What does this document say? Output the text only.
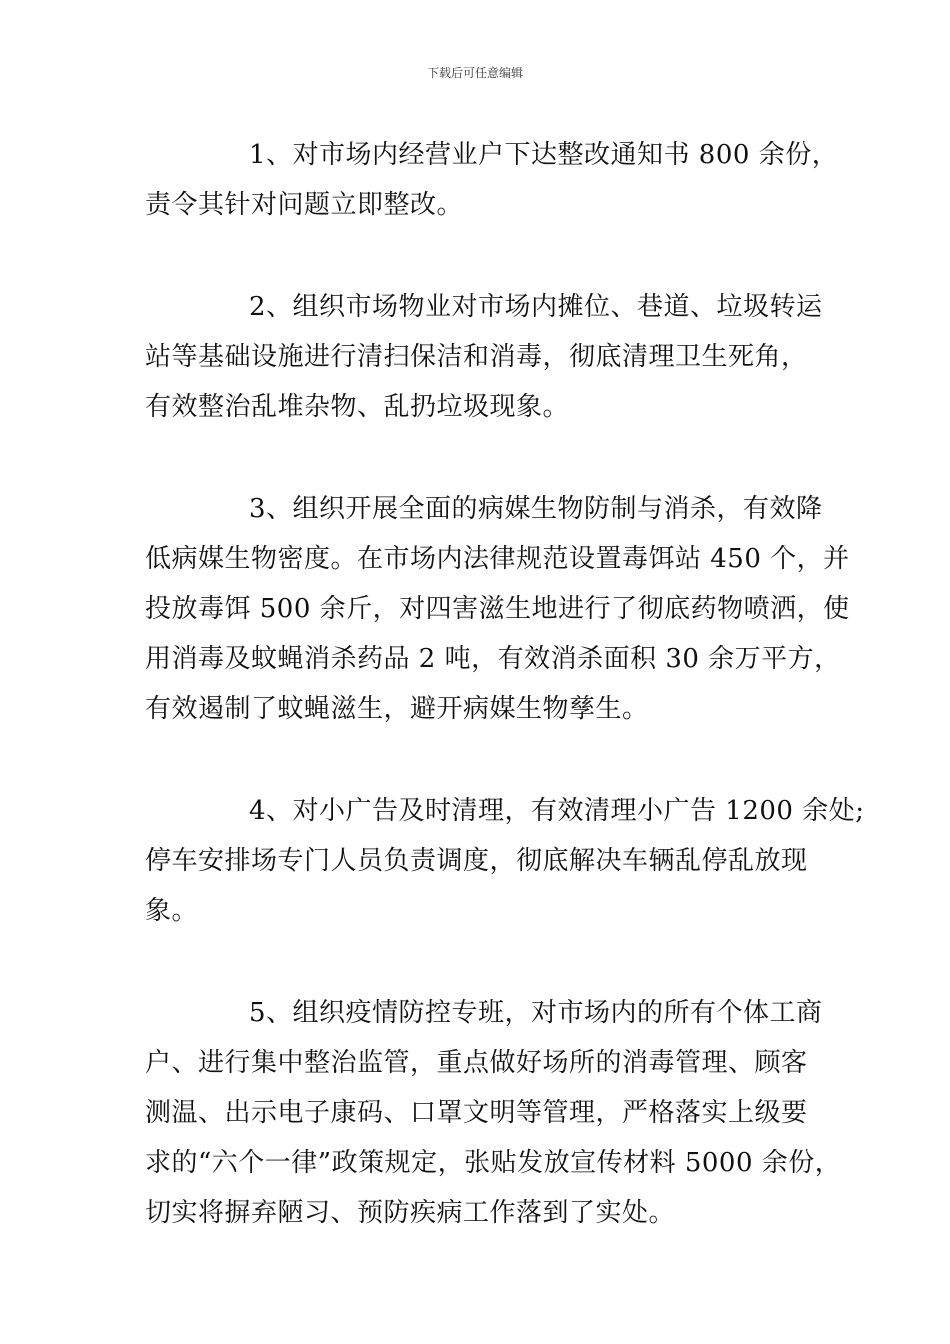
下载后可任意编辑
1、对市场内经营业户下达整改通知书 800 余份，
责令其针对问题立即整改。
2、组织市场物业对市场内摊位、巷道、垃圾转运
站等基础设施进行清扫保洁和消毒，彻底清理卫生死角，
有效整治乱堆杂物、乱扔垃圾现象。
3、组织开展全面的病媒生物防制与消杀，有效降
低病媒生物密度。在市场内法律规范设置毒饵站 450 个，并
投放毒饵 500 余斤，对四害滋生地进行了彻底药物喷洒，使
用消毒及蚊蝇消杀药品 2 吨，有效消杀面积 30 余万平方，
有效遏制了蚊蝇滋生，避开病媒生物孳生。
4、对小广告及时清理，有效清理小广告 1200 余处;
停车安排场专门人员负责调度，彻底解决车辆乱停乱放现
象。
5、组织疫情防控专班，对市场内的所有个体工商
户、进行集中整治监管，重点做好场所的消毒管理、顾客
测温、出示电子康码、口罩文明等管理，严格落实上级要
求的“六个一律”政策规定，张贴发放宣传材料 5000 余份，
切实将摒弃陋习、预防疾病工作落到了实处。
